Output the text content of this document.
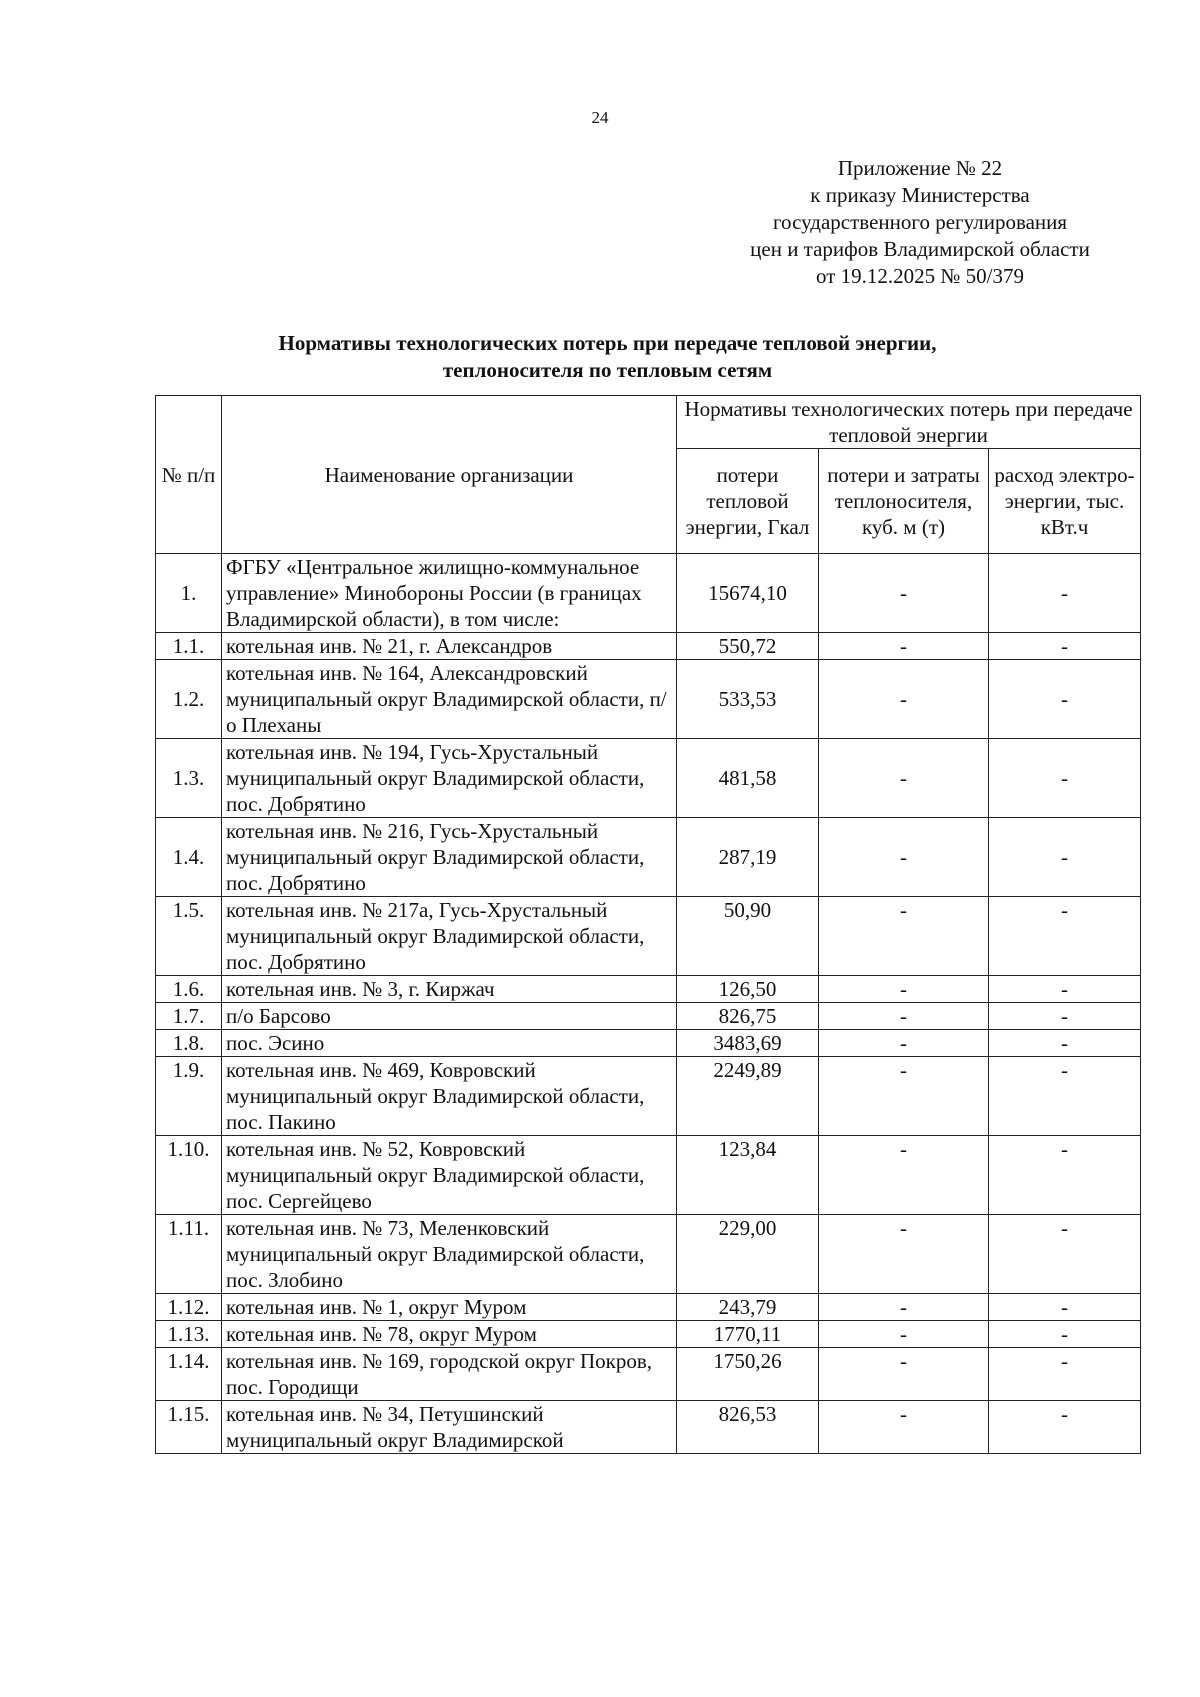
24
Приложение № 22
к приказу Министерства
государственного регулирования
цен и тарифов Владимирской области
от 19.12.2025 № 50/379
Нормативы технологических потерь при передаче тепловой энергии,
теплоносителя по тепловым сетям
№ п/п	Наименование организации	Нормативы технологических потерь при передаче тепловой энергии		
		потери тепловой энергии, Гкал	потери и затраты теплоносителя, куб. м (т)	расход электро-энергии, тыс. кВт.ч
1.	ФГБУ «Центральное жилищно-коммунальное управление» Минобороны России (в границах Владимирской области), в том числе:	15674,10	-	-
1.1.	котельная инв. № 21, г. Александров	550,72	-	-
1.2.	котельная инв. № 164, Александровский муниципальный округ Владимирской области, п/о Плеханы	533,53	-	-
1.3.	котельная инв. № 194, Гусь-Хрустальный муниципальный округ Владимирской области, пос. Добрятино	481,58	-	-
1.4.	котельная инв. № 216, Гусь-Хрустальный муниципальный округ Владимирской области, пос. Добрятино	287,19	-	-
1.5.	котельная инв. № 217а, Гусь-Хрустальный муниципальный округ Владимирской области, пос. Добрятино	50,90	-	-
1.6.	котельная инв. № 3, г. Киржач	126,50	-	-
1.7.	п/о Барсово	826,75	-	-
1.8.	пос. Эсино	3483,69	-	-
1.9.	котельная инв. № 469, Ковровский муниципальный округ Владимирской области, пос. Пакино	2249,89	-	-
1.10.	котельная инв. № 52, Ковровский муниципальный округ Владимирской области, пос. Сергейцево	123,84	-	-
1.11.	котельная инв. № 73, Меленковский муниципальный округ Владимирской области, пос. Злобино	229,00	-	-
1.12.	котельная инв. № 1, округ Муром	243,79	-	-
1.13.	котельная инв. № 78, округ Муром	1770,11	-	-
1.14.	котельная инв. № 169, городской округ Покров, пос. Городищи	1750,26	-	-
1.15.	котельная инв. № 34, Петушинский муниципальный округ Владимирской	826,53	-	-
